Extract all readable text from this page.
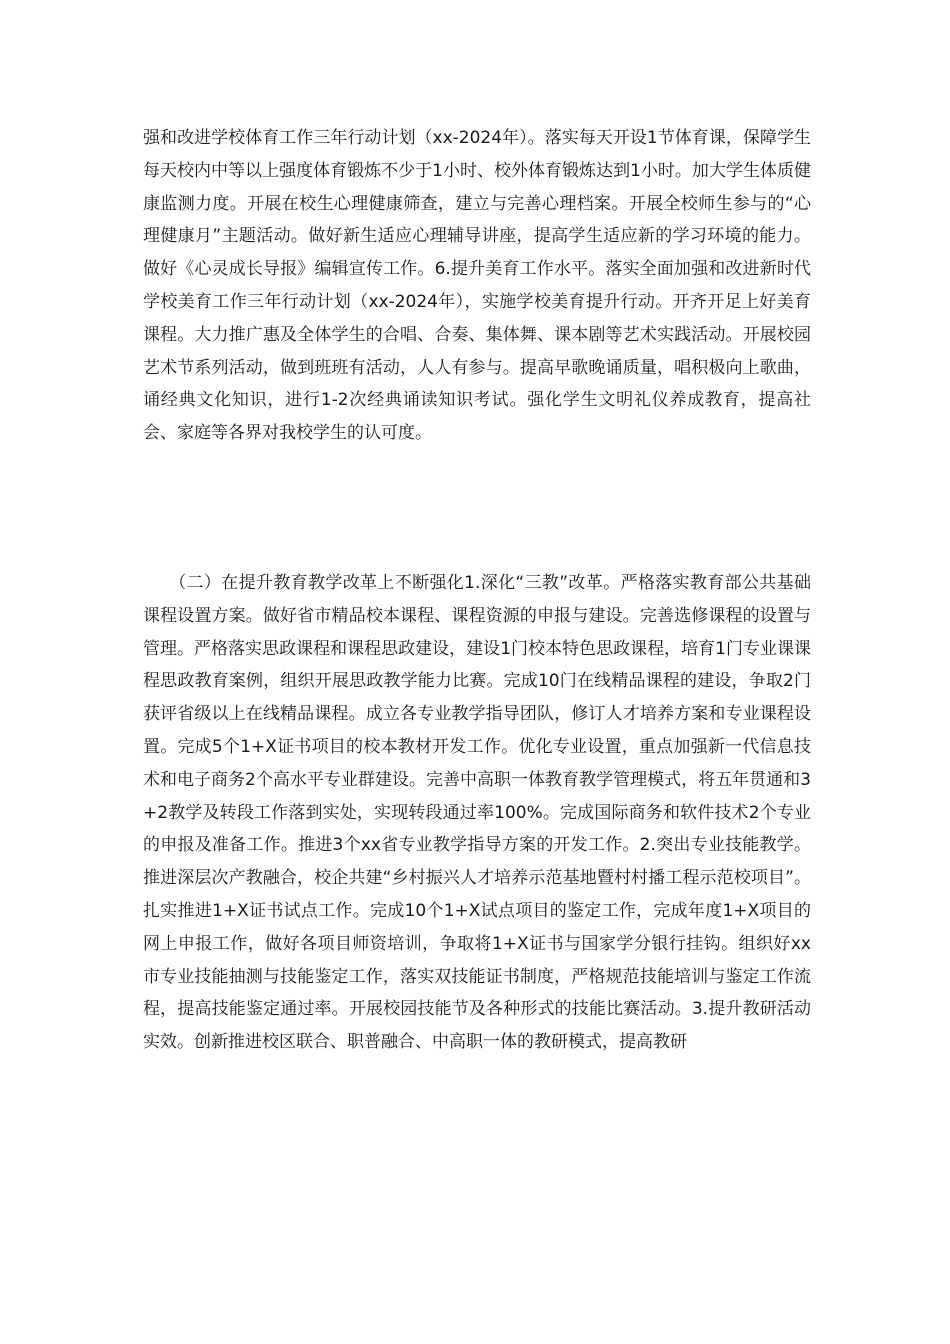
强和改进学校体育工作三年行动计划（xx-2024年）。落实每天开设1节体育课，保障学生每天校内中等以上强度体育锻炼不少于1小时、校外体育锻炼达到1小时。加大学生体质健康监测力度。开展在校生心理健康筛查，建立与完善心理档案。开展全校师生参与的“心理健康月”主题活动。做好新生适应心理辅导讲座，提高学生适应新的学习环境的能力。做好《心灵成长导报》编辑宣传工作。6.提升美育工作水平。落实全面加强和改进新时代学校美育工作三年行动计划（xx-2024年），实施学校美育提升行动。开齐开足上好美育课程。大力推广惠及全体学生的合唱、合奏、集体舞、课本剧等艺术实践活动。开展校园艺术节系列活动，做到班班有活动，人人有参与。提高早歌晚诵质量，唱积极向上歌曲，诵经典文化知识，进行1-2次经典诵读知识考试。强化学生文明礼仪养成教育，提高社会、家庭等各界对我校学生的认可度。

　　（二）在提升教育教学改革上不断强化1.深化“三教”改革。严格落实教育部公共基础课程设置方案。做好省市精品校本课程、课程资源的申报与建设。完善选修课程的设置与管理。严格落实思政课程和课程思政建设，建设1门校本特色思政课程，培育1门专业课课程思政教育案例，组织开展思政教学能力比赛。完成10门在线精品课程的建设，争取2门获评省级以上在线精品课程。成立各专业教学指导团队，修订人才培养方案和专业课程设置。完成5个1+X证书项目的校本教材开发工作。优化专业设置，重点加强新一代信息技术和电子商务2个高水平专业群建设。完善中高职一体教育教学管理模式，将五年贯通和3+2教学及转段工作落到实处，实现转段通过率100%。完成国际商务和软件技术2个专业的申报及准备工作。推进3个xx省专业教学指导方案的开发工作。2.突出专业技能教学。推进深层次产教融合，校企共建“乡村振兴人才培养示范基地暨村村播工程示范校项目”。扎实推进1+X证书试点工作。完成10个1+X试点项目的鉴定工作，完成年度1+X项目的网上申报工作，做好各项目师资培训，争取将1+X证书与国家学分银行挂钩。组织好xx市专业技能抽测与技能鉴定工作，落实双技能证书制度，严格规范技能培训与鉴定工作流程，提高技能鉴定通过率。开展校园技能节及各种形式的技能比赛活动。3.提升教研活动实效。创新推进校区联合、职普融合、中高职一体的教研模式，提高教研
